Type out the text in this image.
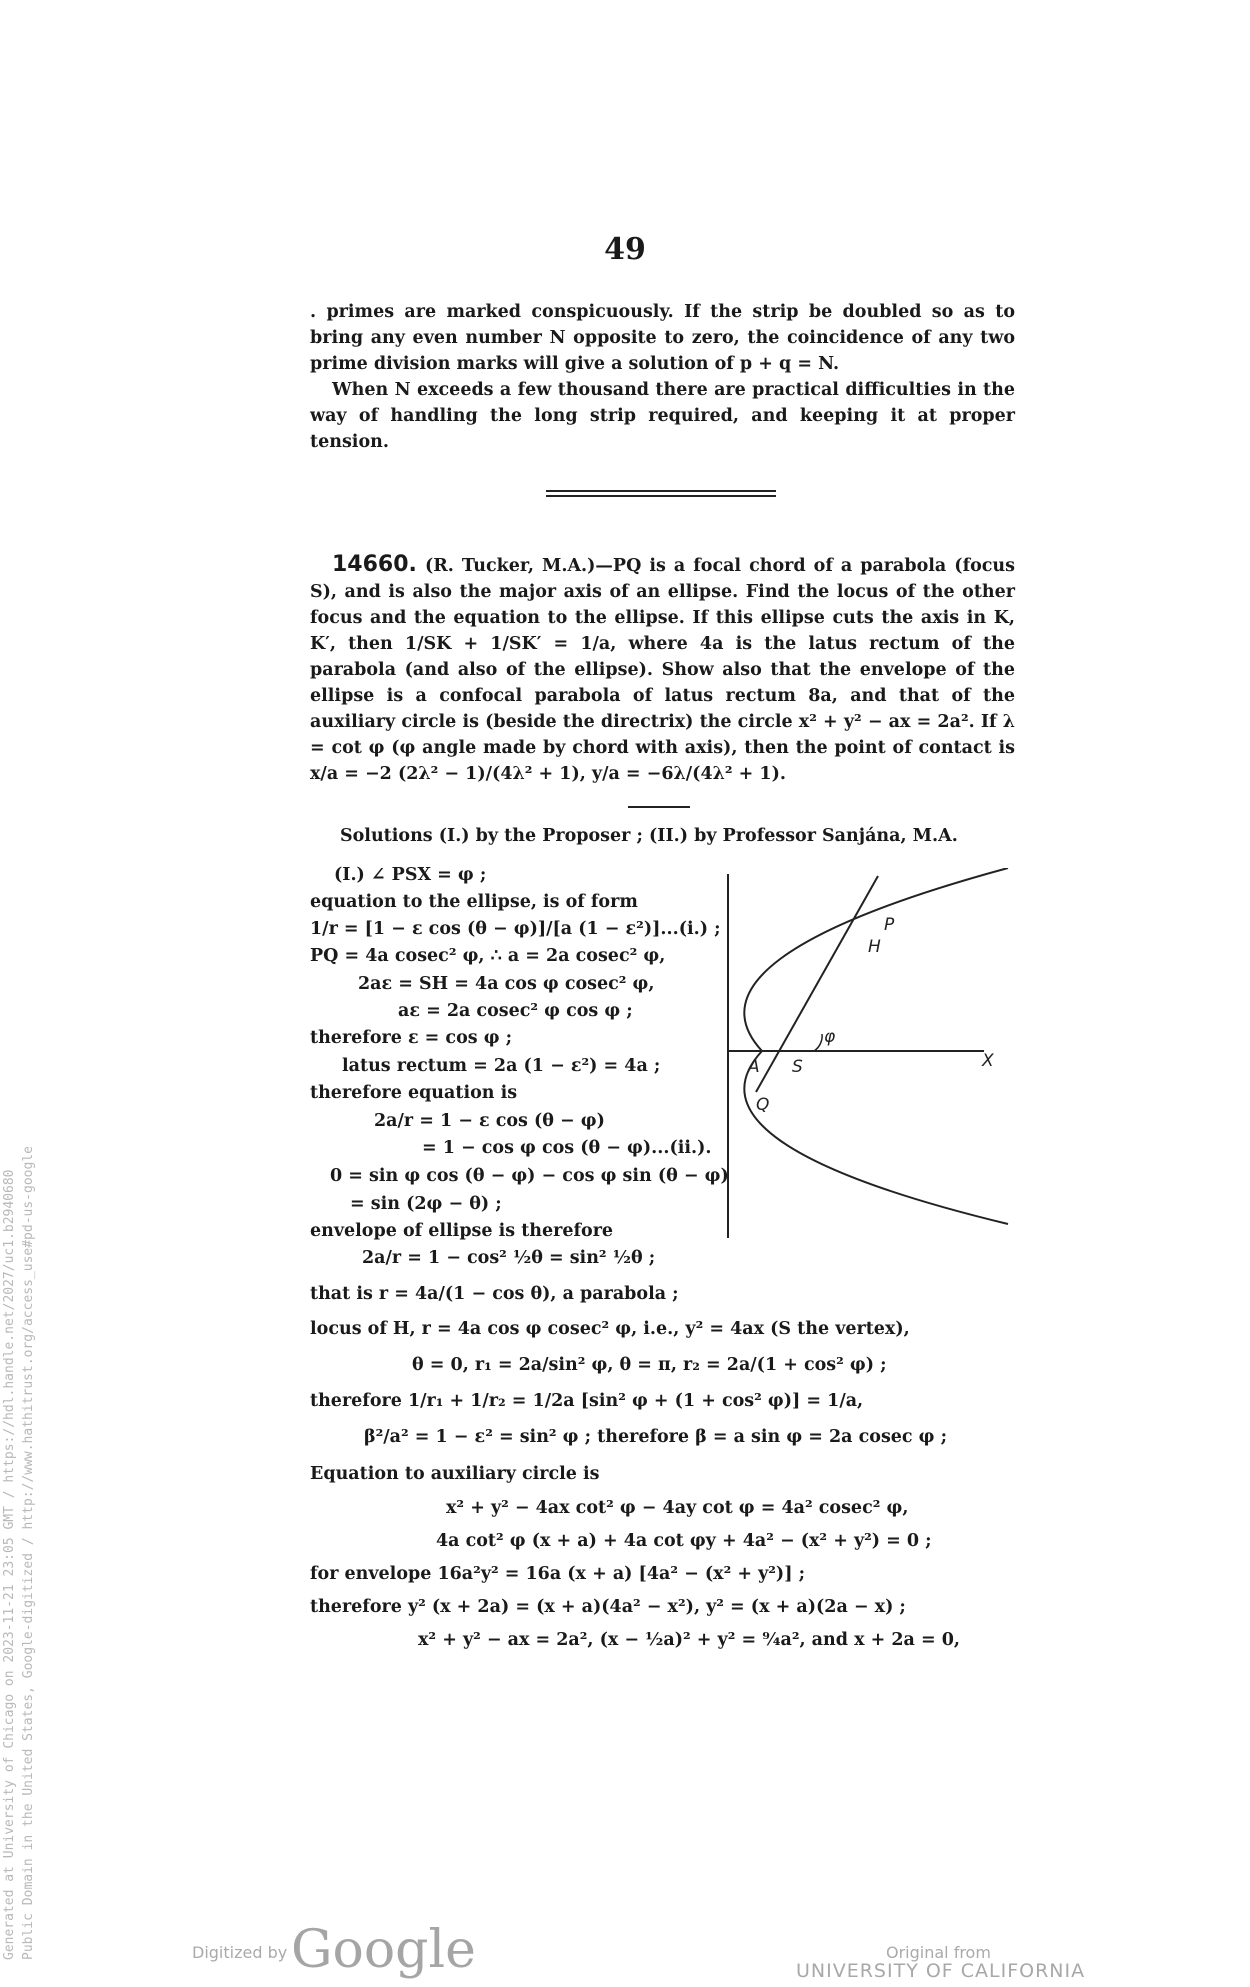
49

. primes are marked conspicuously. If the strip be doubled so as to bring any even number N opposite to zero, the coincidence of any two prime division marks will give a solution of p + q = N.

When N exceeds a few thousand there are practical difficulties in the way of handling the long strip required, and keeping it at proper tension.

14660. (R. Tucker, M.A.)—PQ is a focal chord of a parabola (focus S), and is also the major axis of an ellipse. Find the locus of the other focus and the equation to the ellipse. If this ellipse cuts the axis in K, K′, then 1/SK + 1/SK′ = 1/a, where 4a is the latus rectum of the parabola (and also of the ellipse). Show also that the envelope of the ellipse is a confocal parabola of latus rectum 8a, and that of the auxiliary circle is (beside the directrix) the circle x² + y² − ax = 2a². If λ = cot φ (φ angle made by chord with axis), then the point of contact is x/a = −2 (2λ² − 1)/(4λ² + 1), y/a = −6λ/(4λ² + 1).

Solutions (I.) by the Proposer ; (II.) by Professor Sanjána, M.A.
(I.) ∠ PSX = φ ;
equation to the ellipse, is of form
1/r = [1 − ε cos (θ − φ)]/[a (1 − ε²)]...(i.) ;
PQ = 4a cosec² φ, ∴ a = 2a cosec² φ,
2aε = SH = 4a cos φ cosec² φ,
aε = 2a cosec² φ cos φ ;
therefore ε = cos φ ;
latus rectum = 2a (1 − ε²) = 4a ;
therefore equation is
2a/r = 1 − ε cos (θ − φ)
= 1 − cos φ cos (θ − φ)...(ii.).
0 = sin φ cos (θ − φ) − cos φ sin (θ − φ)
= sin (2φ − θ) ;
envelope of ellipse is therefore
2a/r = 1 − cos² ½θ = sin² ½θ ;
that is r = 4a/(1 − cos θ), a parabola ;
locus of H, r = 4a cos φ cosec² φ, i.e., y² = 4ax (S the vertex),
θ = 0, r₁ = 2a/sin² φ, θ = π, r₂ = 2a/(1 + cos² φ) ;
therefore 1/r₁ + 1/r₂ = 1/2a [sin² φ + (1 + cos² φ)] = 1/a,
β²/a² = 1 − ε² = sin² φ ; therefore β = a sin φ = 2a cosec φ ;
Equation to auxiliary circle is
x² + y² − 4ax cot² φ − 4ay cot φ = 4a² cosec² φ,
4a cot² φ (x + a) + 4a cot φy + 4a² − (x² + y²) = 0 ;
for envelope 16a²y² = 16a (x + a) [4a² − (x² + y²)] ;
therefore y² (x + 2a) = (x + a)(4a² − x²), y² = (x + a)(2a − x) ;
x² + y² − ax = 2a², (x − ½a)² + y² = ⁹⁄₄a², and x + 2a = 0,
P
H
φ
A S	X
Q
Generated at University of Chicago on 2023-11-21 23:05 GMT / https://hdl.handle.net/2027/uc1.b2940680 Public Domain in the United States, Google-digitized / http://www.hathitrust.org/access_use#pd-us-google	Digitized by Google	Original from
UNIVERSITY OF CALIFORNIA
